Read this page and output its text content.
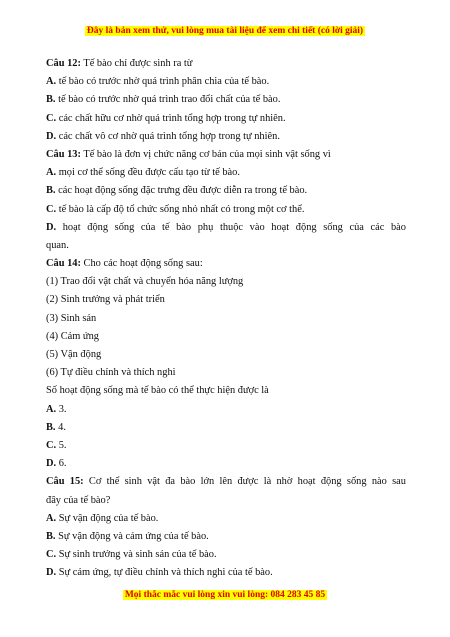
Đây là bản xem thử, vui lòng mua tài liệu để xem chi tiết (có lời giải)
Câu 12: Tế bào chỉ được sinh ra từ
A. tế bào có trước nhờ quá trình phân chia của tế bào.
B. tế bào có trước nhờ quá trình trao đổi chất của tế bào.
C. các chất hữu cơ nhờ quá trình tổng hợp trong tự nhiên.
D. các chất vô cơ nhờ quá trình tổng hợp trong tự nhiên.
Câu 13: Tế bào là đơn vị chức năng cơ bản của mọi sinh vật sống vì
A. mọi cơ thể sống đều được cấu tạo từ tế bào.
B. các hoạt động sống đặc trưng đều được diễn ra trong tế bào.
C. tế bào là cấp độ tổ chức sống nhỏ nhất có trong một cơ thể.
D. hoạt động sống của tế bào phụ thuộc vào hoạt động sống của các bào
quan.
Câu 14: Cho các hoạt động sống sau:
(1) Trao đổi vật chất và chuyển hóa năng lượng
(2) Sinh trưởng và phát triển
(3) Sinh sản
(4) Cảm ứng
(5) Vận động
(6) Tự điều chỉnh và thích nghi
Số hoạt động sống mà tế bào có thể thực hiện được là
A. 3.
B. 4.
C. 5.
D. 6.
Câu 15: Cơ thể sinh vật đa bào lớn lên được là nhờ hoạt động sống nào sau
đây của tế bào?
A. Sự vận động của tế bào.
B. Sự vận động và cảm ứng của tế bào.
C. Sự sinh trưởng và sinh sản của tế bào.
D. Sự cảm ứng, tự điều chỉnh và thích nghi của tế bào.
Mọi thắc mắc vui lòng xin vui lòng: 084 283 45 85
